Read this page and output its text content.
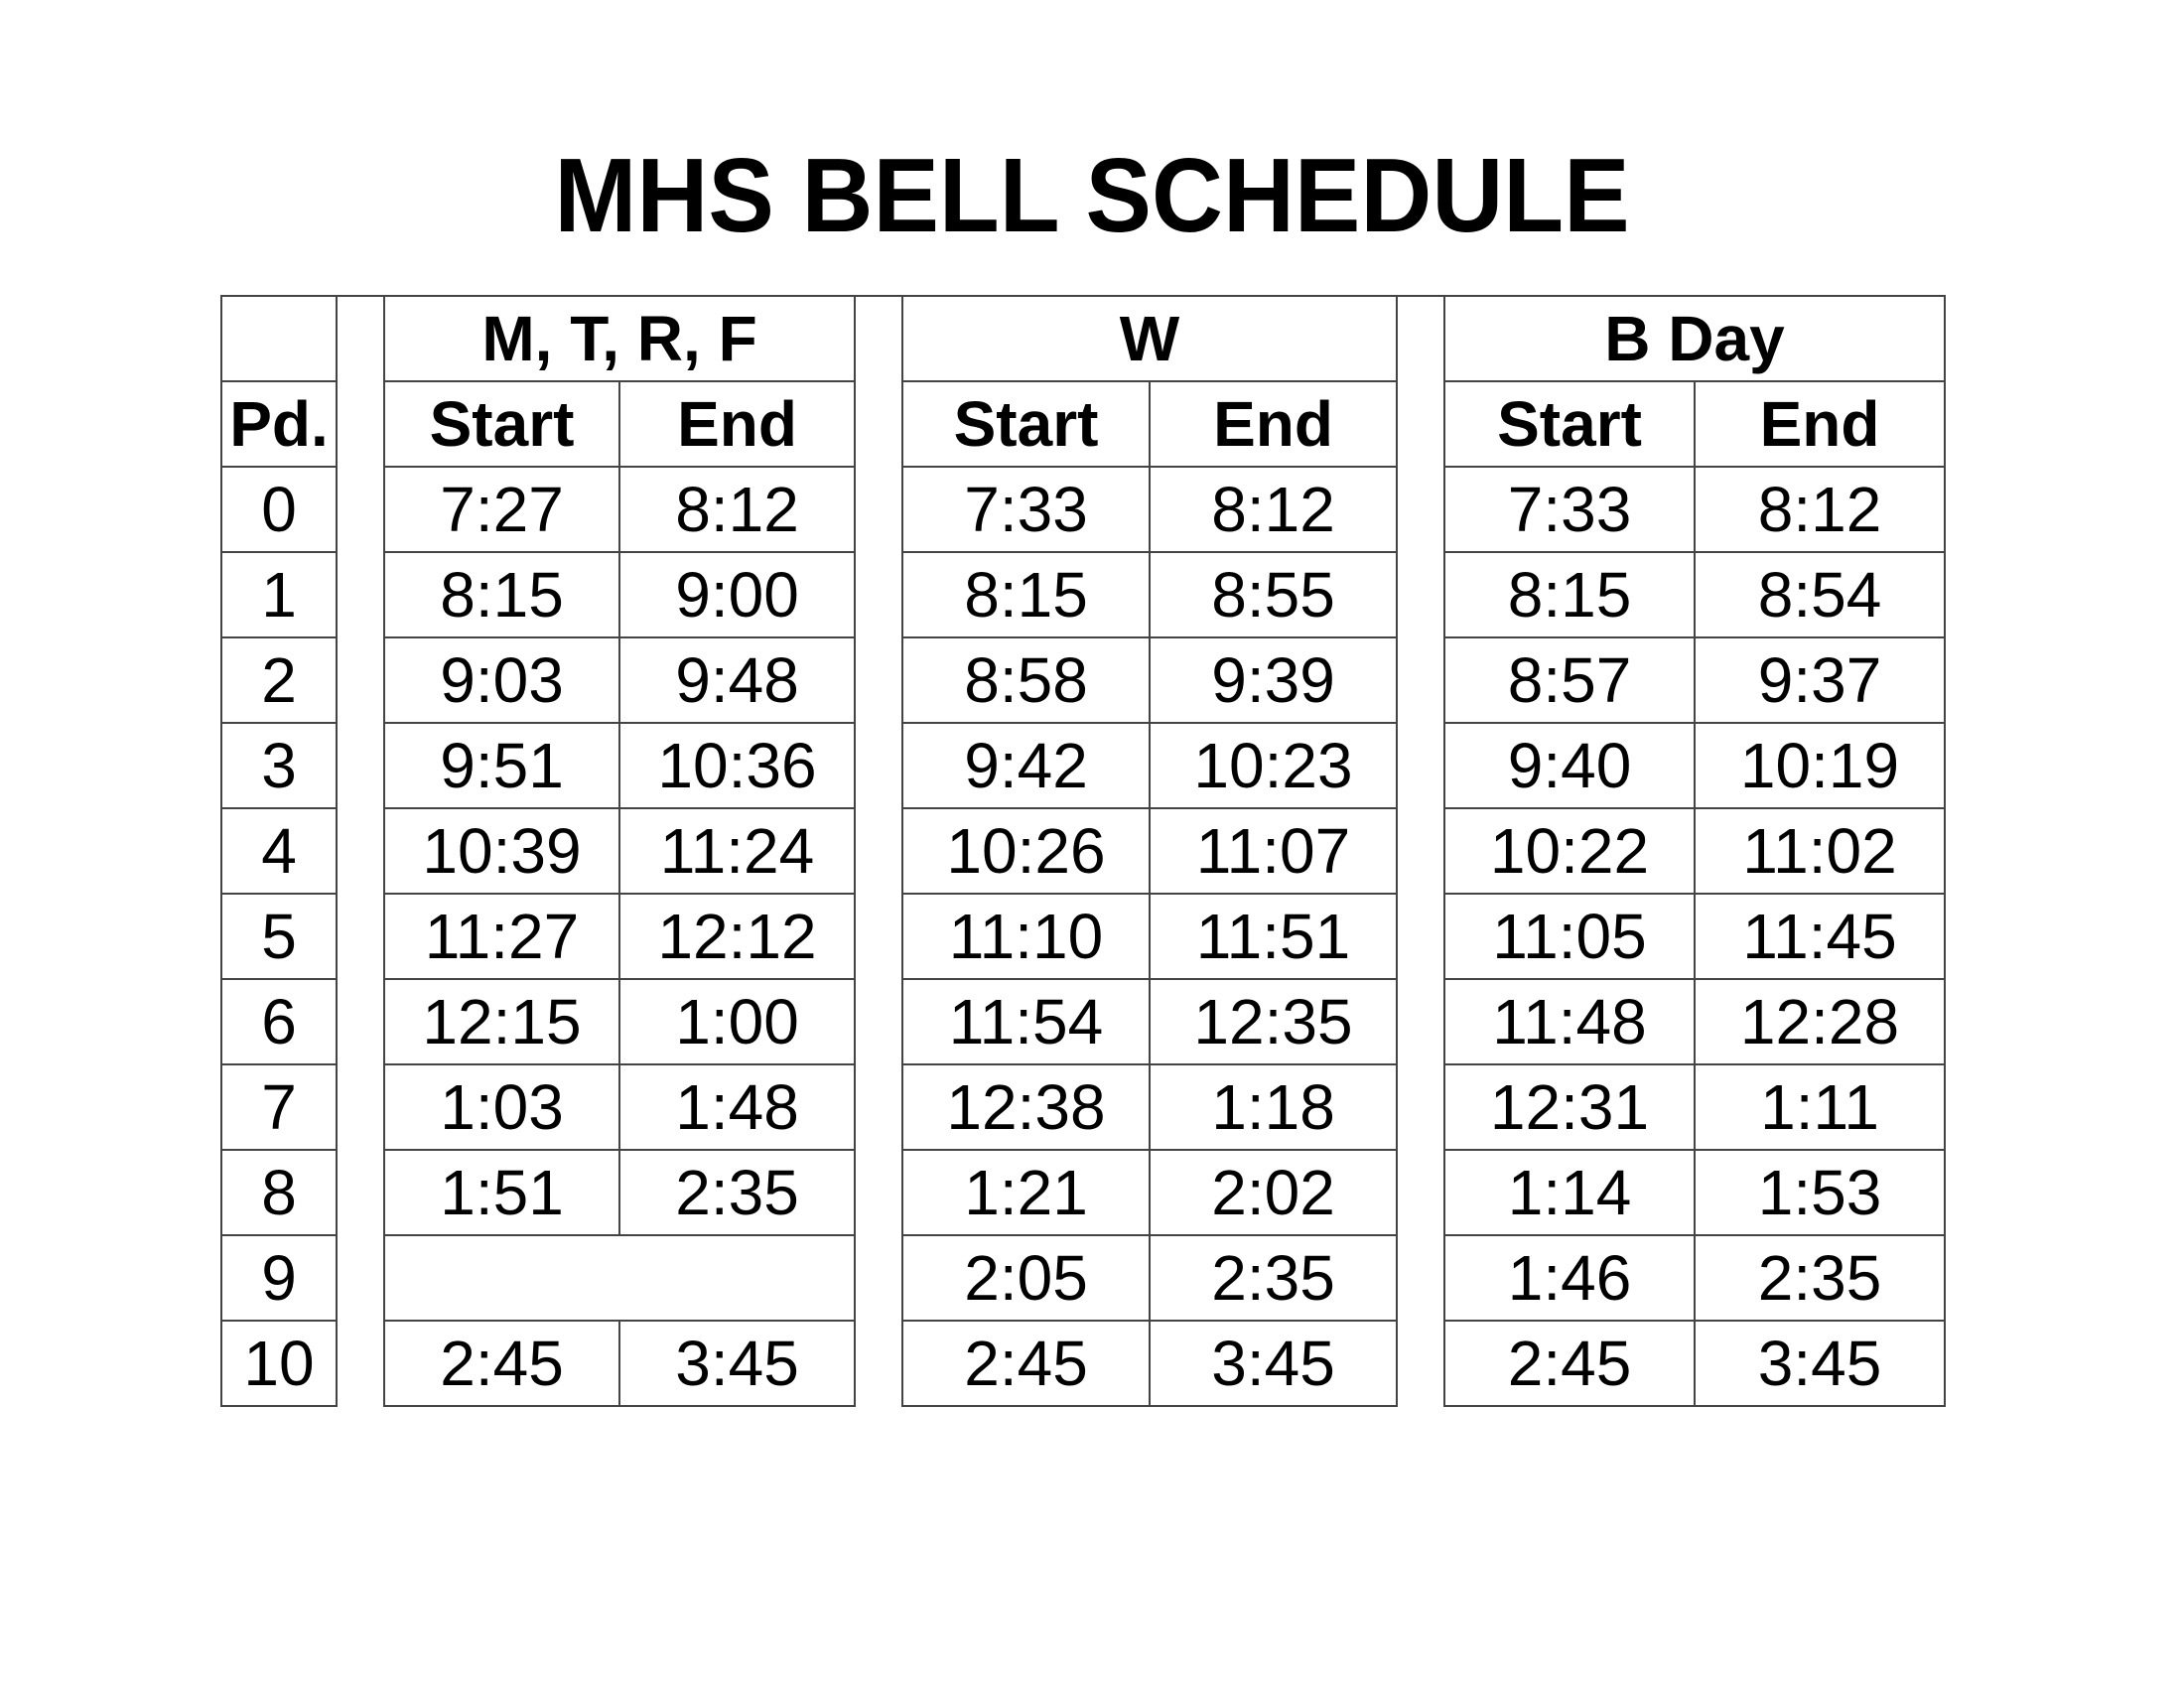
MHS BELL SCHEDULE
		M, T, R, F			W			B Day	
Pd.		Start	End		Start	End		Start	End
0		7:27	8:12		7:33	8:12		7:33	8:12
1		8:15	9:00		8:15	8:55		8:15	8:54
2		9:03	9:48		8:58	9:39		8:57	9:37
3		9:51	10:36		9:42	10:23		9:40	10:19
4		10:39	11:24		10:26	11:07		10:22	11:02
5		11:27	12:12		11:10	11:51		11:05	11:45
6		12:15	1:00		11:54	12:35		11:48	12:28
7		1:03	1:48		12:38	1:18		12:31	1:11
8		1:51	2:35		1:21	2:02		1:14	1:53
9					2:05	2:35		1:46	2:35
10		2:45	3:45		2:45	3:45		2:45	3:45
